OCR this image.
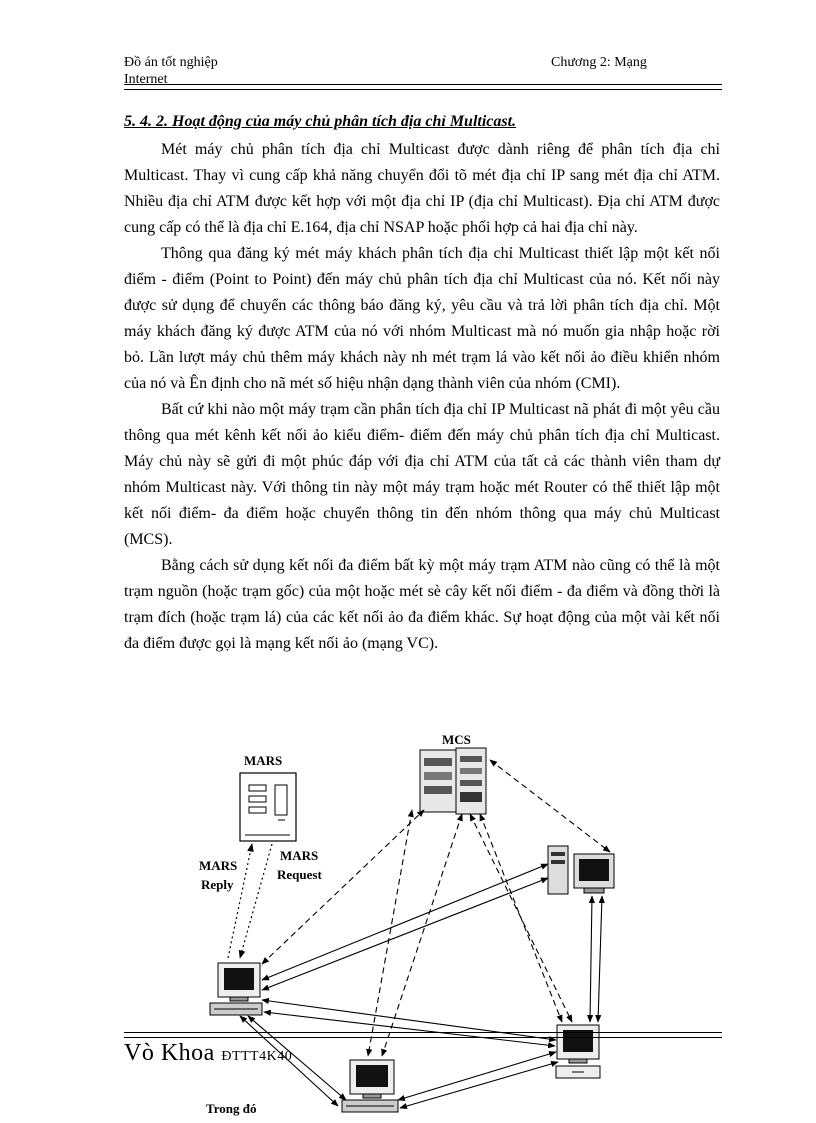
Đồ án tốt nghiệp
Internet
Chương 2: Mạng
5. 4. 2. Hoạt động của máy chủ phân tích địa chỉ Multicast.

Mét máy chủ phân tích địa chỉ Multicast được dành riêng để phân tích địa chỉ Multicast. Thay vì cung cấp khả năng chuyển đổi tõ mét địa chỉ IP sang mét địa chỉ ATM. Nhiều địa chỉ ATM được kết hợp với một địa chỉ IP (địa chỉ Multicast). Địa chỉ ATM được cung cấp có thể là địa chỉ E.164, địa chỉ NSAP hoặc phối hợp cả hai địa chỉ này.

Thông qua đăng ký mét máy khách phân tích địa chỉ Multicast thiết lập một kết nối điểm - điểm (Point to Point) đến máy chủ phân tích địa chỉ Multicast của nó. Kết nối này được sử dụng để chuyển các thông báo đăng ký, yêu cầu và trả lời phân tích địa chỉ. Một máy khách đăng ký được ATM của nó với nhóm Multicast mà nó muốn gia nhập hoặc rời bỏ. Lần lượt máy chủ thêm máy khách này nh mét trạm lá vào kết nối ảo điều khiển nhóm của nó và Ên định cho nã mét số hiệu nhận dạng thành viên của nhóm (CMI).

Bất cứ khi nào một máy trạm cần phân tích địa chỉ IP Multicast nã phát đi một yêu cầu thông qua mét kênh kết nối ảo kiểu điểm- điểm đến máy chủ phân tích địa chỉ Multicast. Máy chủ này sẽ gửi đi một phúc đáp với địa chỉ ATM của tất cả các thành viên tham dự nhóm Multicast này. Với thông tin này một máy trạm hoặc mét Router có thể thiết lập một kết nối điểm- đa điểm hoặc chuyển thông tin đến nhóm thông qua máy chủ Multicast (MCS).

Bằng cách sử dụng kết nối đa điểm bất kỳ một máy trạm ATM nào cũng có thể là một trạm nguồn (hoặc trạm gốc) của một hoặc mét sè cây kết nối điểm - đa điểm và đồng thời là trạm đích (hoặc trạm lá) của các kết nối ảo đa điểm khác. Sự hoạt động của một vài kết nối đa điểm được gọi là mạng kết nối ảo (mạng VC).

MARS
MCS
MARS
Reply
MARS
Request
Vò Khoa ĐTTT4K40
Trong đó
